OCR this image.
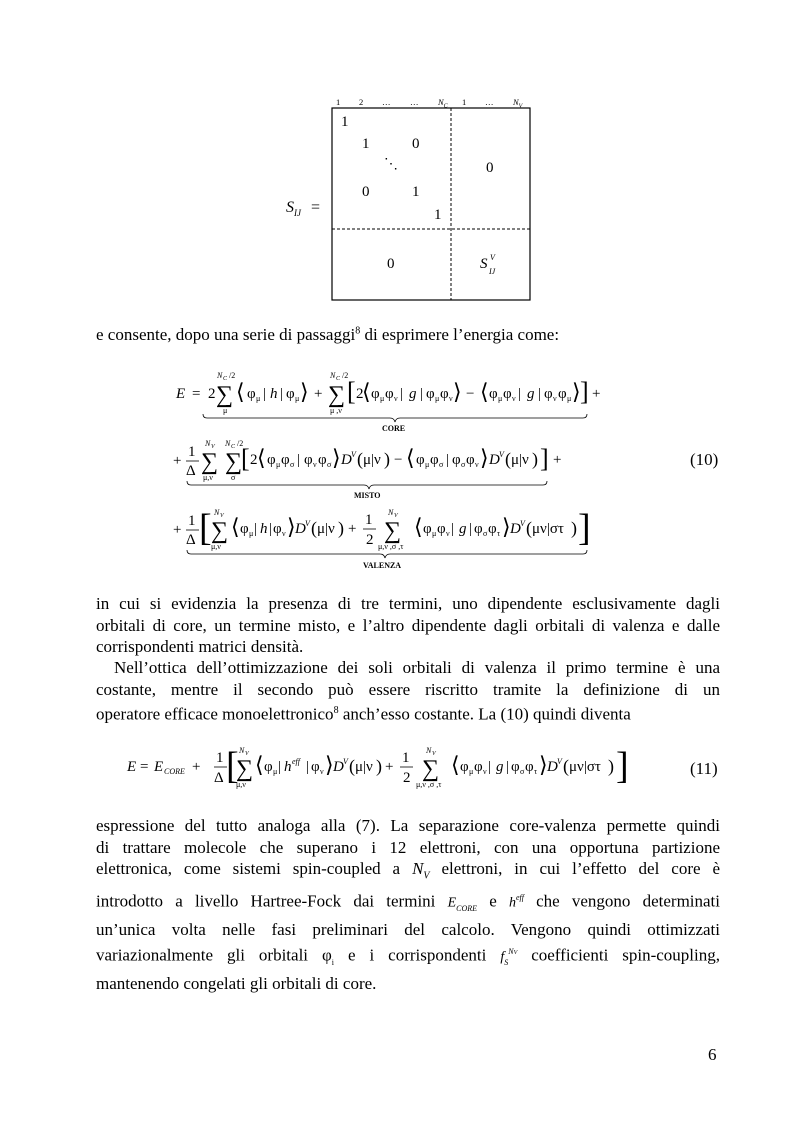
$S_{IJ}$ =
1 2 … … $N_C$ 1 … $N_V$
1
1	0
⋱	0
0	1
1
0	S V
IJ
e consente, dopo una serie di passaggi$^8$ di esprimere l’energia come:
E = 2 ∑
N C /2
μ
⟨ φ μ | h | φ μ ⟩ + ∑
N C /2
μ ,ν
[ 2
⟨ φ μ φ ν | g | φ μ φ ν ⟩ − ⟨ φ μ φ ν | g | φ ν φ μ ⟩ ] +
CORE
+
1
Δ ∑
N V
μ,ν
∑
N C /2
σ
[ 2 ⟨ φ μ φ σ | φ ν φ σ ⟩ D V ( μ|ν ) − ⟨ φ μ φ σ | φ σ φ ν ⟩ D V ( μ|ν ) ] +
MISTO
+
1
Δ [ ∑
N V
μ,ν
⟨ φ μ | h | φ ν ⟩ D V ( μ|ν ) +
1
2 ∑
N V
μ,ν ,σ ,τ
⟨ φ μ φ ν | g | φ σ φ τ ⟩ D V ( μν|στ ) ]
VALENZA
(10)
in cui si evidenzia la presenza di tre termini, uno dipendente esclusivamente dagli
orbitali di core, un termine misto, e l’altro dipendente dagli orbitali di valenza e dalle
corrispondenti matrici densità.
Nell’ottica dell’ottimizzazione dei soli orbitali di valenza il primo termine è una
costante, mentre il secondo può essere riscritto tramite la definizione di un
operatore efficace monoelettronico$^8$ anch’esso costante. La (10) quindi diventa
E = E CORE +
1
Δ [
∑
N V
μ,ν
⟨ φ μ | h eff | φ ν ⟩ D V ( μ|ν ) +
1
2 ∑
N V
μ,ν ,σ ,τ
⟨ φ μ φ ν | g | φ σ φ τ ⟩ D V ( μν|στ ) ]	(11)
espressione del tutto analoga alla (7). La separazione core-valenza permette quindi
di trattare molecole che superano i 12 elettroni, con una opportuna partizione
elettronica, come sistemi spin-coupled a $N_V$ elettroni, in cui l’effetto del core è
introdotto a livello Hartree-Fock dai termini $E_{CORE}$ e $h^{eff}$ che vengono determinati
un’unica volta nelle fasi preliminari del calcolo. Vengono quindi ottimizzati
variazionalmente gli orbitali $\varphi_i$ e i corrispondenti $f_S^{NV}$ coefficienti spin-coupling,
mantenendo congelati gli orbitali di core.
6
